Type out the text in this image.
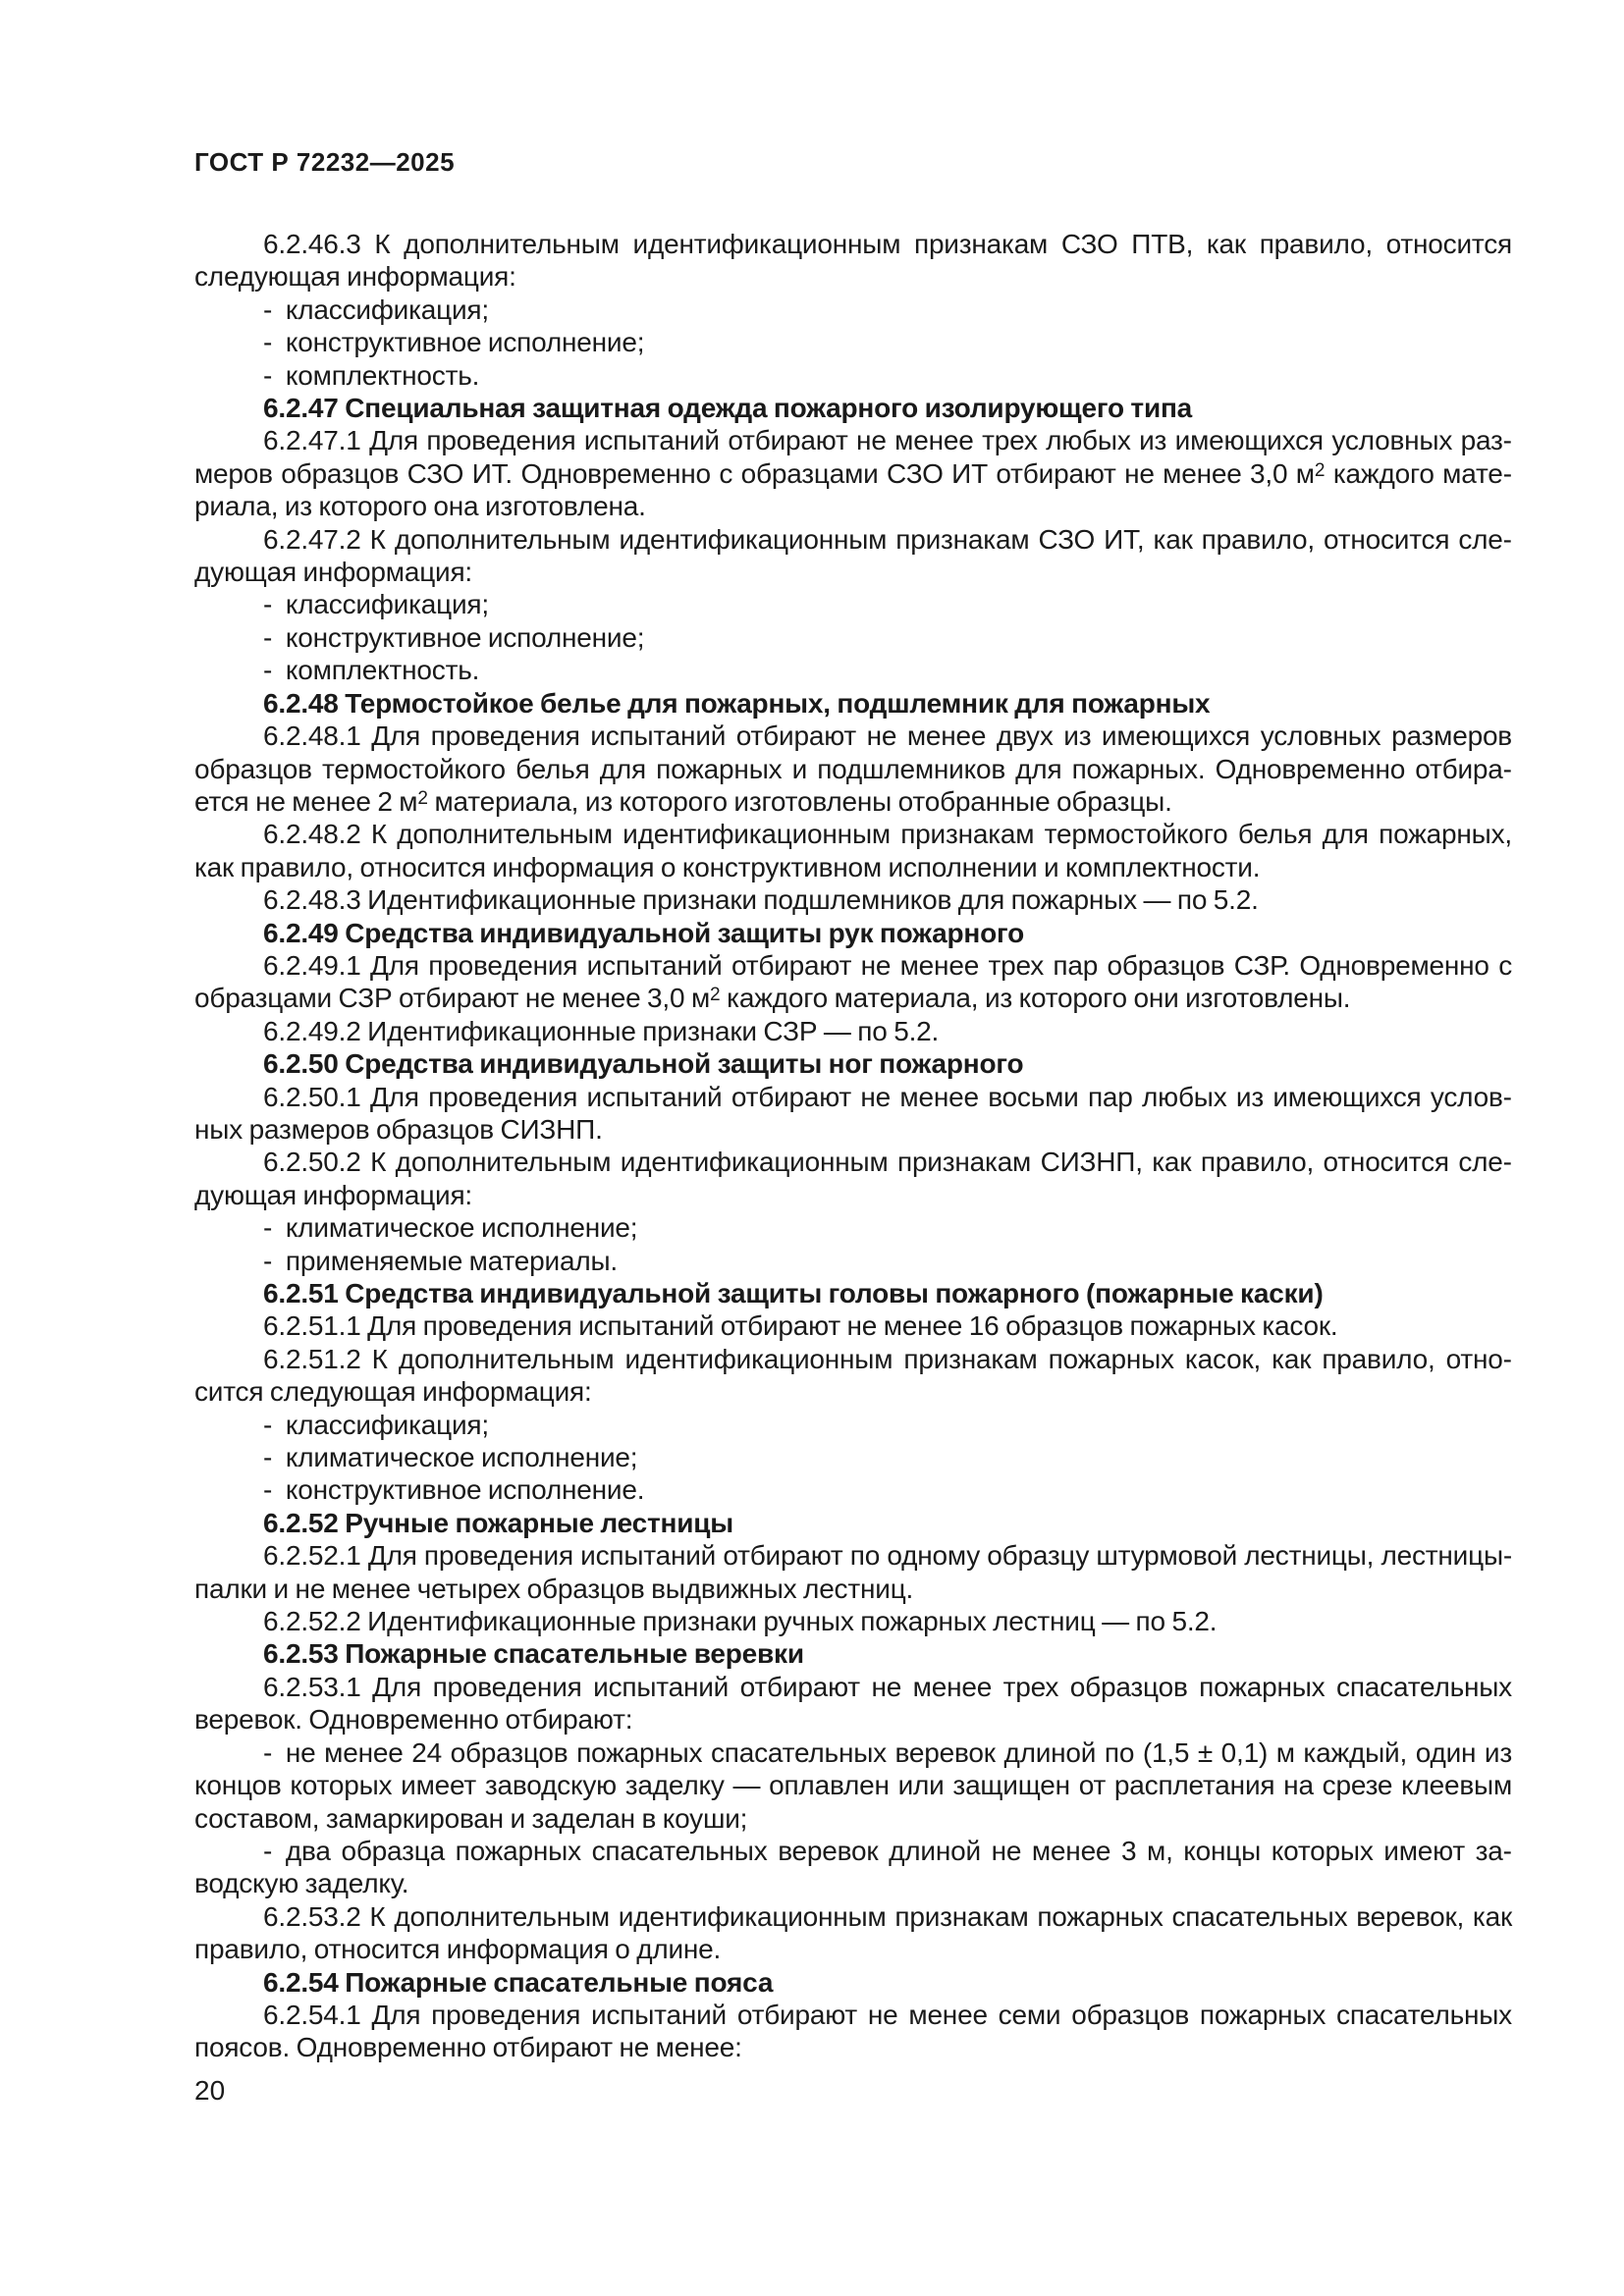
ГОСТ Р 72232—2025

6.2.46.3 К дополнительным идентификационным признакам СЗО ПТВ, как правило, относится следующая информация:

- классификация;

- конструктивное исполнение;

- комплектность.

6.2.47 Специальная защитная одежда пожарного изолирующего типа

6.2.47.1 Для проведения испытаний отбирают не менее трех любых из имеющихся условных размеров образцов СЗО ИТ. Одновременно с образцами СЗО ИТ отбирают не менее 3,0 $м^2$ каждого материала, из которого она изготовлена.

6.2.47.2 К дополнительным идентификационным признакам СЗО ИТ, как правило, относится следующая информация:

- классификация;

- конструктивное исполнение;

- комплектность.

6.2.48 Термостойкое белье для пожарных, подшлемник для пожарных

6.2.48.1 Для проведения испытаний отбирают не менее двух из имеющихся условных размеров образцов термостойкого белья для пожарных и подшлемников для пожарных. Одновременно отбирается не менее 2 $м^2$ материала, из которого изготовлены отобранные образцы.

6.2.48.2 К дополнительным идентификационным признакам термостойкого белья для пожарных, как правило, относится информация о конструктивном исполнении и комплектности.

6.2.48.3 Идентификационные признаки подшлемников для пожарных — по 5.2.

6.2.49 Средства индивидуальной защиты рук пожарного

6.2.49.1 Для проведения испытаний отбирают не менее трех пар образцов СЗР. Одновременно с образцами СЗР отбирают не менее 3,0 $м^2$ каждого материала, из которого они изготовлены.

6.2.49.2 Идентификационные признаки СЗР — по 5.2.

6.2.50 Средства индивидуальной защиты ног пожарного

6.2.50.1 Для проведения испытаний отбирают не менее восьми пар любых из имеющихся условных размеров образцов СИЗНП.

6.2.50.2 К дополнительным идентификационным признакам СИЗНП, как правило, относится следующая информация:

- климатическое исполнение;

- применяемые материалы.

6.2.51 Средства индивидуальной защиты головы пожарного (пожарные каски)

6.2.51.1 Для проведения испытаний отбирают не менее 16 образцов пожарных касок.

6.2.51.2 К дополнительным идентификационным признакам пожарных касок, как правило, относится следующая информация:

- классификация;

- климатическое исполнение;

- конструктивное исполнение.

6.2.52 Ручные пожарные лестницы

6.2.52.1 Для проведения испытаний отбирают по одному образцу штурмовой лестницы, лестницы-палки и не менее четырех образцов выдвижных лестниц.

6.2.52.2 Идентификационные признаки ручных пожарных лестниц — по 5.2.

6.2.53 Пожарные спасательные веревки

6.2.53.1 Для проведения испытаний отбирают не менее трех образцов пожарных спасательных веревок. Одновременно отбирают:

- не менее 24 образцов пожарных спасательных веревок длиной по (1,5 ± 0,1) м каждый, один из концов которых имеет заводскую заделку — оплавлен или защищен от расплетания на срезе клеевым составом, замаркирован и заделан в коуши;

- два образца пожарных спасательных веревок длиной не менее 3 м, концы которых имеют заводскую заделку.

6.2.53.2 К дополнительным идентификационным признакам пожарных спасательных веревок, как правило, относится информация о длине.

6.2.54 Пожарные спасательные пояса

6.2.54.1 Для проведения испытаний отбирают не менее семи образцов пожарных спасательных поясов. Одновременно отбирают не менее:

20
